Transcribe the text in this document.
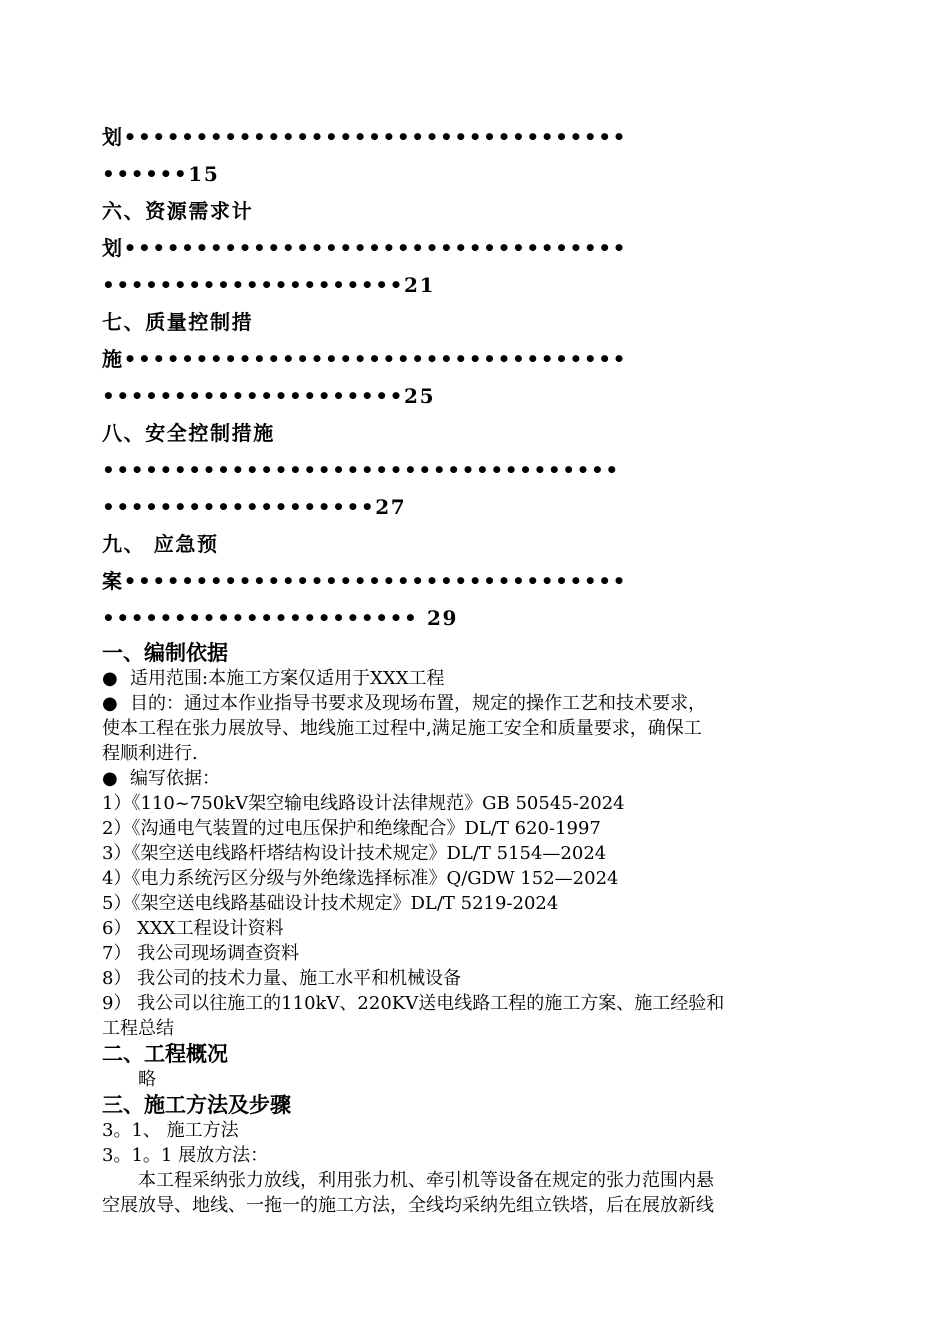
划•••••••••••••••••••••••••••••••••••
••••••15
六、资源需求计
划•••••••••••••••••••••••••••••••••••
•••••••••••••••••••••21
七、质量控制措
施•••••••••••••••••••••••••••••••••••
•••••••••••••••••••••25
八、安全控制措施
••••••••••••••••••••••••••••••••••••
•••••••••••••••••••27
九、 应急预
案•••••••••••••••••••••••••••••••••••
•••••••••••••••••••••• 29

一、编制依据

● 适用范围:本施工方案仅适用于XXX工程

● 目的：通过本作业指导书要求及现场布置，规定的操作工艺和技术要求，

使本工程在张力展放导、地线施工过程中,满足施工安全和质量要求，确保工

程顺利进行.

● 编写依据：

1）《110~750kV架空输电线路设计法律规范》GB 50545-2024

2）《沟通电气装置的过电压保护和绝缘配合》DL/T 620-1997

3）《架空送电线路杆塔结构设计技术规定》DL/T 5154—2024

4）《电力系统污区分级与外绝缘选择标准》Q/GDW 152—2024

5）《架空送电线路基础设计技术规定》DL/T 5219-2024

6） XXX工程设计资料

7） 我公司现场调查资料

8） 我公司的技术力量、施工水平和机械设备

9） 我公司以往施工的110kV、220KV送电线路工程的施工方案、施工经验和

工程总结

二、工程概况

略

三、施工方法及步骤

3。1、 施工方法

3。1。1 展放方法：

本工程采纳张力放线，利用张力机、牵引机等设备在规定的张力范围内悬

空展放导、地线、一拖一的施工方法，全线均采纳先组立铁塔，后在展放新线
